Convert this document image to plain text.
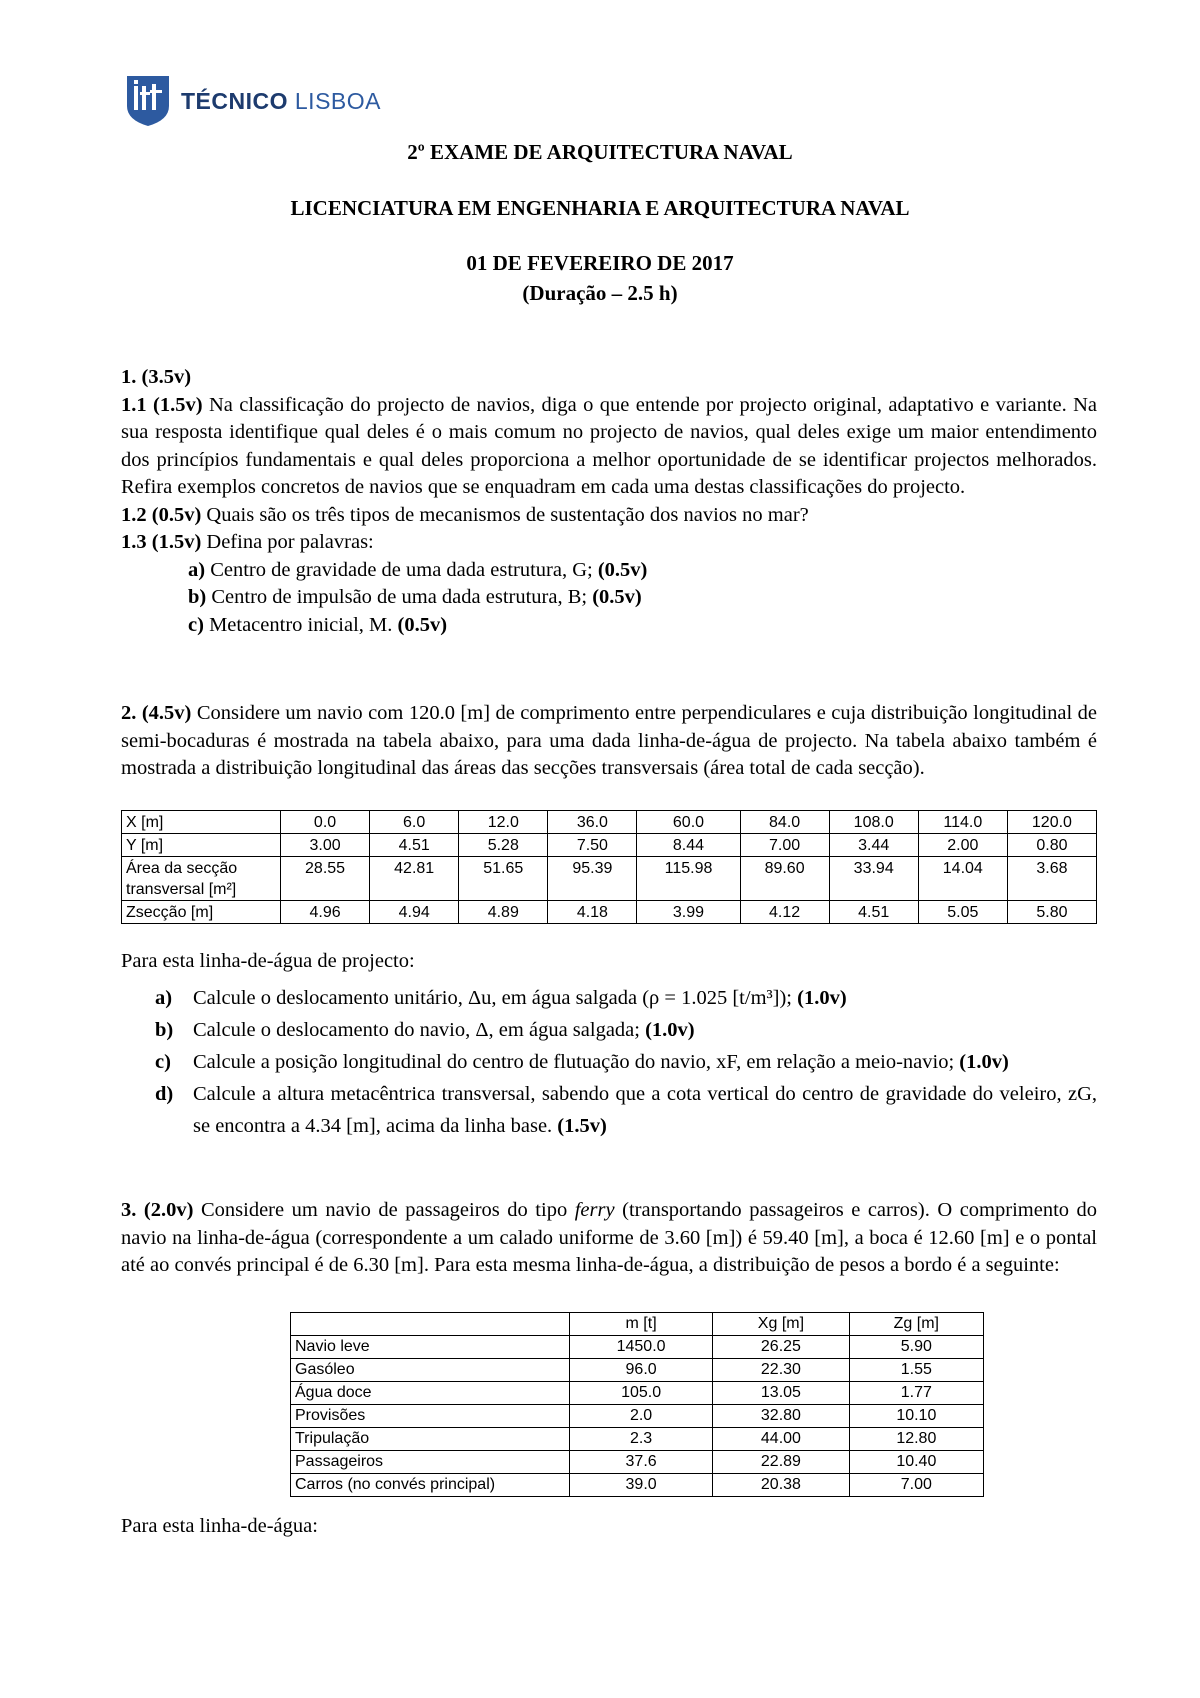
TÉCNICO LISBOA
2º EXAME DE ARQUITECTURA NAVAL
LICENCIATURA EM ENGENHARIA E ARQUITECTURA NAVAL
01 DE FEVEREIRO DE 2017
(Duração – 2.5 h)

1. (3.5v)

1.1 (1.5v) Na classificação do projecto de navios, diga o que entende por projecto original, adaptativo e variante. Na sua resposta identifique qual deles é o mais comum no projecto de navios, qual deles exige um maior entendimento dos princípios fundamentais e qual deles proporciona a melhor oportunidade de se identificar projectos melhorados. Refira exemplos concretos de navios que se enquadram em cada uma destas classificações do projecto.

1.2 (0.5v) Quais são os três tipos de mecanismos de sustentação dos navios no mar?

1.3 (1.5v) Defina por palavras:

a) Centro de gravidade de uma dada estrutura, G; (0.5v)

b) Centro de impulsão de uma dada estrutura, B; (0.5v)

c) Metacentro inicial, M. (0.5v)

2. (4.5v) Considere um navio com 120.0 [m] de comprimento entre perpendiculares e cuja distribuição longitudinal de semi-bocaduras é mostrada na tabela abaixo, para uma dada linha-de-água de projecto. Na tabela abaixo também é mostrada a distribuição longitudinal das áreas das secções transversais (área total de cada secção).

X [m]	0.0	6.0	12.0	36.0	60.0	84.0	108.0	114.0	120.0
Y [m]	3.00	4.51	5.28	7.50	8.44	7.00	3.44	2.00	0.80
Área da secção transversal [m²]	28.55	42.81	51.65	95.39	115.98	89.60	33.94	14.04	3.68
Zsecção [m]	4.96	4.94	4.89	4.18	3.99	4.12	4.51	5.05	5.80
Para esta linha-de-água de projecto:
a)	Calcule o deslocamento unitário, Δu, em água salgada (ρ = 1.025 [t/m³]); (1.0v)
b) Calcule o deslocamento do navio, Δ, em água salgada; (1.0v)
c)	Calcule a posição longitudinal do centro de flutuação do navio, xF, em relação a meio-navio; (1.0v)
d) Calcule a altura metacêntrica transversal, sabendo que a cota vertical do centro de gravidade do veleiro, zG, se encontra a 4.34 [m], acima da linha base. (1.5v)

3. (2.0v) Considere um navio de passageiros do tipo ferry (transportando passageiros e carros). O comprimento do navio na linha-de-água (correspondente a um calado uniforme de 3.60 [m]) é 59.40 [m], a boca é 12.60 [m] e o pontal até ao convés principal é de 6.30 [m]. Para esta mesma linha-de-água, a distribuição de pesos a bordo é a seguinte:

	m [t]	Xg [m]	Zg [m]
Navio leve	1450.0	26.25	5.90
Gasóleo	96.0	22.30	1.55
Água doce	105.0	13.05	1.77
Provisões	2.0	32.80	10.10
Tripulação	2.3	44.00	12.80
Passageiros	37.6	22.89	10.40
Carros (no convés principal)	39.0	20.38	7.00
Para esta linha-de-água:
